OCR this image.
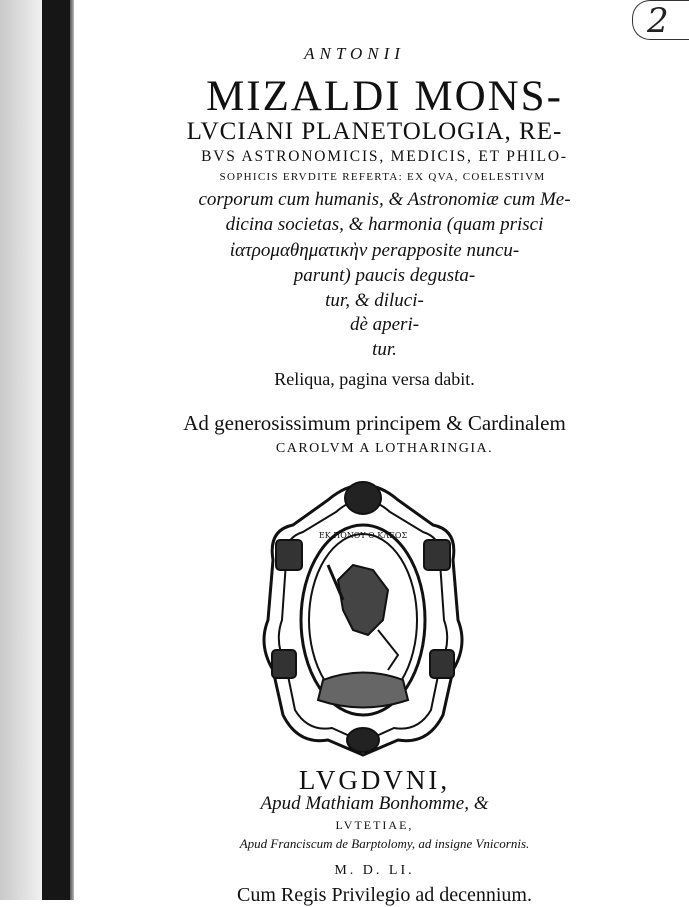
2
ANTONII
MIZALDI MONS-
LVCIANI PLANETOLOGIA, RE-
BVS ASTRONOMICIS, MEDICIS, ET PHILO-
SOPHICIS ERVDITE REFERTA: EX QVA, COELESTIVM
corporum cum humanis, & Astronomiæ cum Me-
dicina societas, & harmonia (quam prisci
ἰατρομαθηματικὴν perapposite nuncu-
parunt) paucis degusta-
tur, & diluci-
dè aperi-
tur.
Reliqua, pagina versa dabit.
Ad generosissimum principem & Cardinalem
CAROLVM A LOTHARINGIA.
EK ΠΟΝΟΥ Ο ΚΛΕΟΣ
LVGDVNI,
Apud Mathiam Bonhomme, &
LVTETIAE,
Apud Franciscum de Barptolomy, ad insigne Vnicornis.
M. D. LI.
Cum Regis Privilegio ad decennium.
